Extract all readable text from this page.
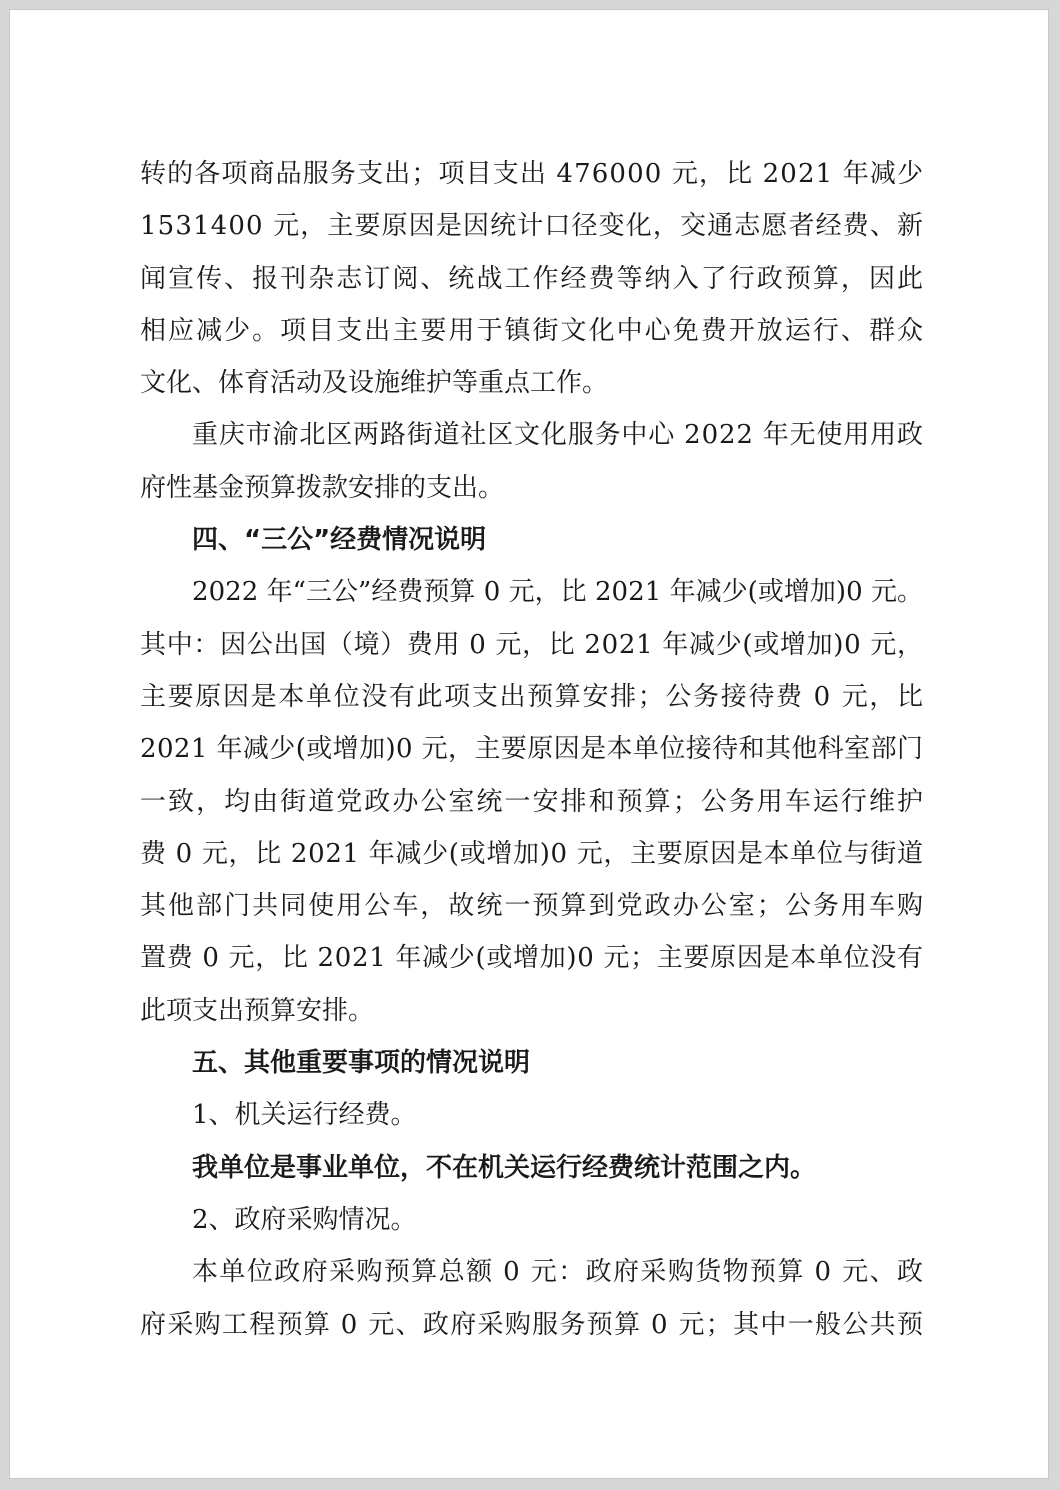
转的各项商品服务支出；项目支出 476000 元，比 2021 年减少
1531400 元，主要原因是因统计口径变化，交通志愿者经费、新
闻宣传、报刊杂志订阅、统战工作经费等纳入了行政预算，因此
相应减少。项目支出主要用于镇街文化中心免费开放运行、群众
文化、体育活动及设施维护等重点工作。
重庆市渝北区两路街道社区文化服务中心 2022 年无使用用政
府性基金预算拨款安排的支出。
四、“三公”经费情况说明
2022 年“三公”经费预算 0 元，比 2021 年减少(或增加)0 元。
其中：因公出国（境）费用 0 元，比 2021 年减少(或增加)0 元，
主要原因是本单位没有此项支出预算安排；公务接待费 0 元，比
2021 年减少(或增加)0 元，主要原因是本单位接待和其他科室部门
一致，均由街道党政办公室统一安排和预算；公务用车运行维护
费 0 元，比 2021 年减少(或增加)0 元，主要原因是本单位与街道
其他部门共同使用公车，故统一预算到党政办公室；公务用车购
置费 0 元，比 2021 年减少(或增加)0 元；主要原因是本单位没有
此项支出预算安排。
五、其他重要事项的情况说明
1、机关运行经费。
我单位是事业单位，不在机关运行经费统计范围之内。
2、政府采购情况。
本单位政府采购预算总额 0 元：政府采购货物预算 0 元、政
府采购工程预算 0 元、政府采购服务预算 0 元；其中一般公共预
